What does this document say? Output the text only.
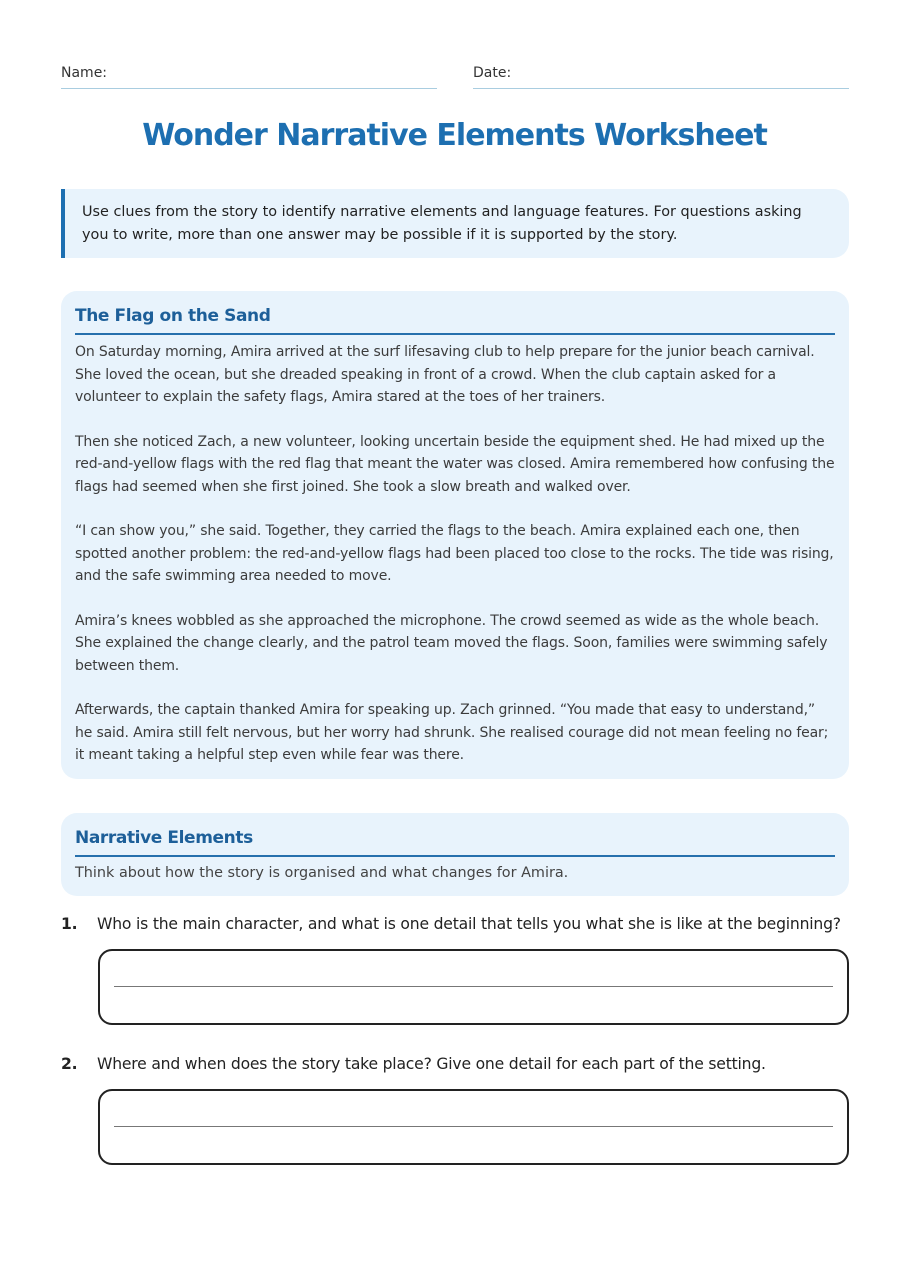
Name:	Date:
Wonder Narrative Elements Worksheet
Use clues from the story to identify narrative elements and language features. For questions asking you to write, more than one answer may be possible if it is supported by the story.
The Flag on the Sand

On Saturday morning, Amira arrived at the surf lifesaving club to help prepare for the junior beach carnival. She loved the ocean, but she dreaded speaking in front of a crowd. When the club captain asked for a volunteer to explain the safety flags, Amira stared at the toes of her trainers.

Then she noticed Zach, a new volunteer, looking uncertain beside the equipment shed. He had mixed up the red-and-yellow flags with the red flag that meant the water was closed. Amira remembered how confusing the flags had seemed when she first joined. She took a slow breath and walked over.

“I can show you,” she said. Together, they carried the flags to the beach. Amira explained each one, then spotted another problem: the red-and-yellow flags had been placed too close to the rocks. The tide was rising, and the safe swimming area needed to move.

Amira’s knees wobbled as she approached the microphone. The crowd seemed as wide as the whole beach. She explained the change clearly, and the patrol team moved the flags. Soon, families were swimming safely between them.

Afterwards, the captain thanked Amira for speaking up. Zach grinned. “You made that easy to understand,” he said. Amira still felt nervous, but her worry had shrunk. She realised courage did not mean feeling no fear; it meant taking a helpful step even while fear was there.

Narrative Elements
Think about how the story is organised and what changes for Amira.
1. Who is the main character, and what is one detail that tells you what she is like at the beginning?
2. Where and when does the story take place? Give one detail for each part of the setting.
